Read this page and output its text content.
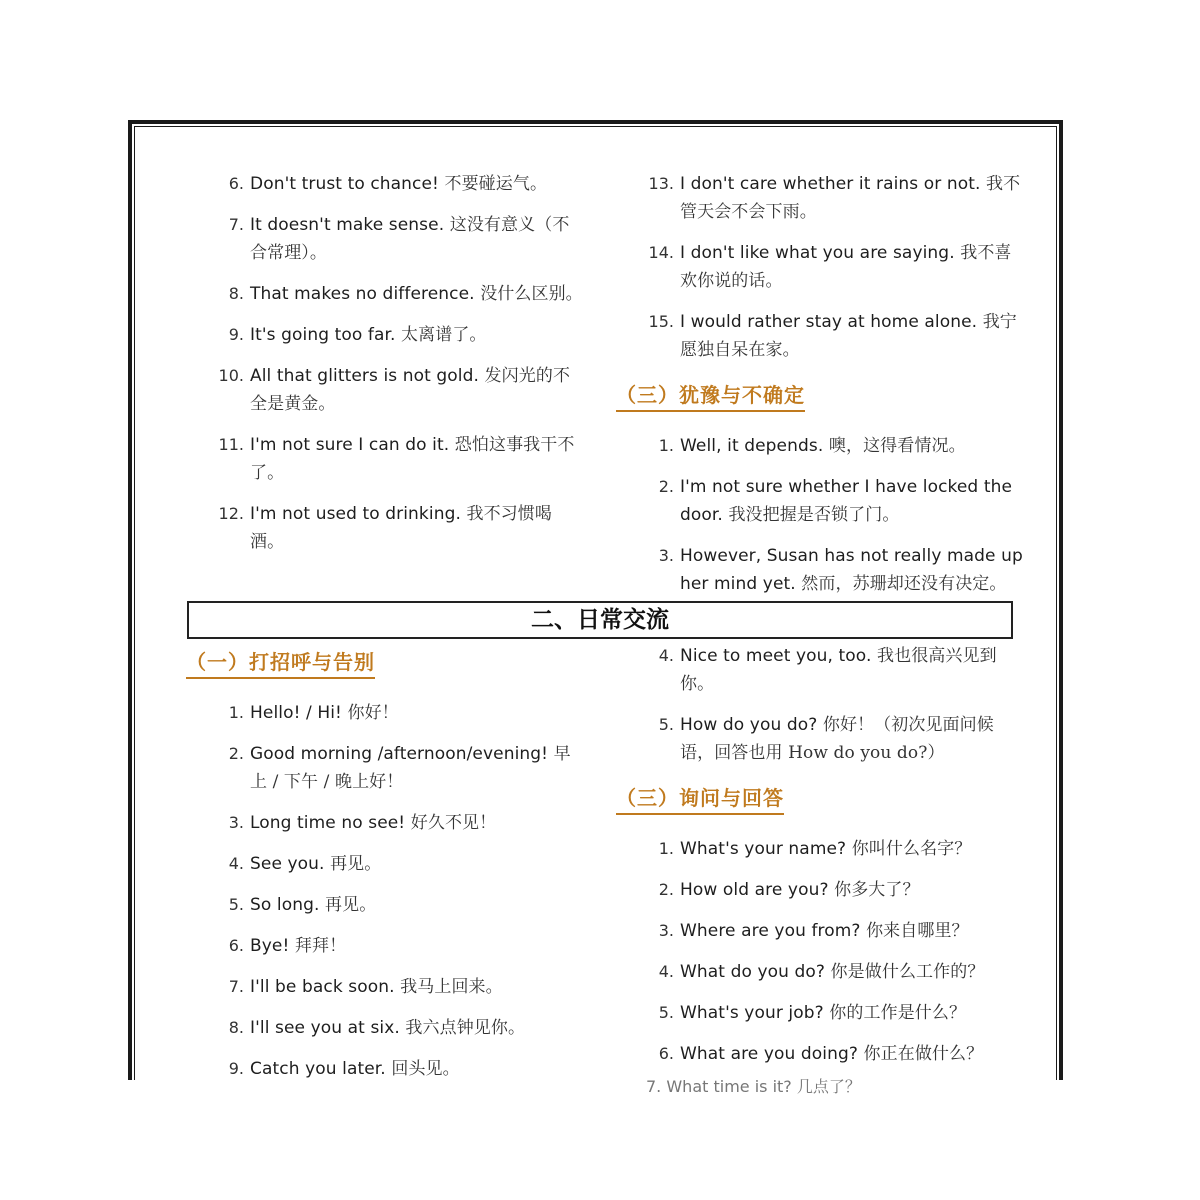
6. Don't trust to chance! 不要碰运气。
7. It doesn't make sense. 这没有意义（不合常理）。
8. That makes no difference. 没什么区别。
9. It's going too far. 太离谱了。
10. All that glitters is not gold. 发闪光的不全是黄金。
11. I'm not sure I can do it. 恐怕这事我干不了。
12. I'm not used to drinking. 我不习惯喝酒。
13. I don't care whether it rains or not. 我不管天会不会下雨。
14. I don't like what you are saying. 我不喜欢你说的话。
15. I would rather stay at home alone. 我宁愿独自呆在家。
（三）犹豫与不确定
1. Well, it depends. 噢，这得看情况。
2. I'm not sure whether I have locked the door. 我没把握是否锁了门。
3. However, Susan has not really made up her mind yet. 然而，苏珊却还没有决定。
二、日常交流
（一）打招呼与告别
1. Hello! / Hi! 你好！
2. Good morning /afternoon/evening! 早上 / 下午 / 晚上好！
3. Long time no see! 好久不见！
4. See you. 再见。
5. So long. 再见。
6. Bye! 拜拜！
7. I'll be back soon. 我马上回来。
8. I'll see you at six. 我六点钟见你。
9. Catch you later. 回头见。
4. Nice to meet you, too. 我也很高兴见到你。
5. How do you do? 你好！（初次见面问候语，回答也用 How do you do?）
（三）询问与回答
1. What's your name? 你叫什么名字？
2. How old are you? 你多大了？
3. Where are you from? 你来自哪里？
4. What do you do? 你是做什么工作的？
5. What's your job? 你的工作是什么？
6. What are you doing? 你正在做什么？
7. What time is it? 几点了？
